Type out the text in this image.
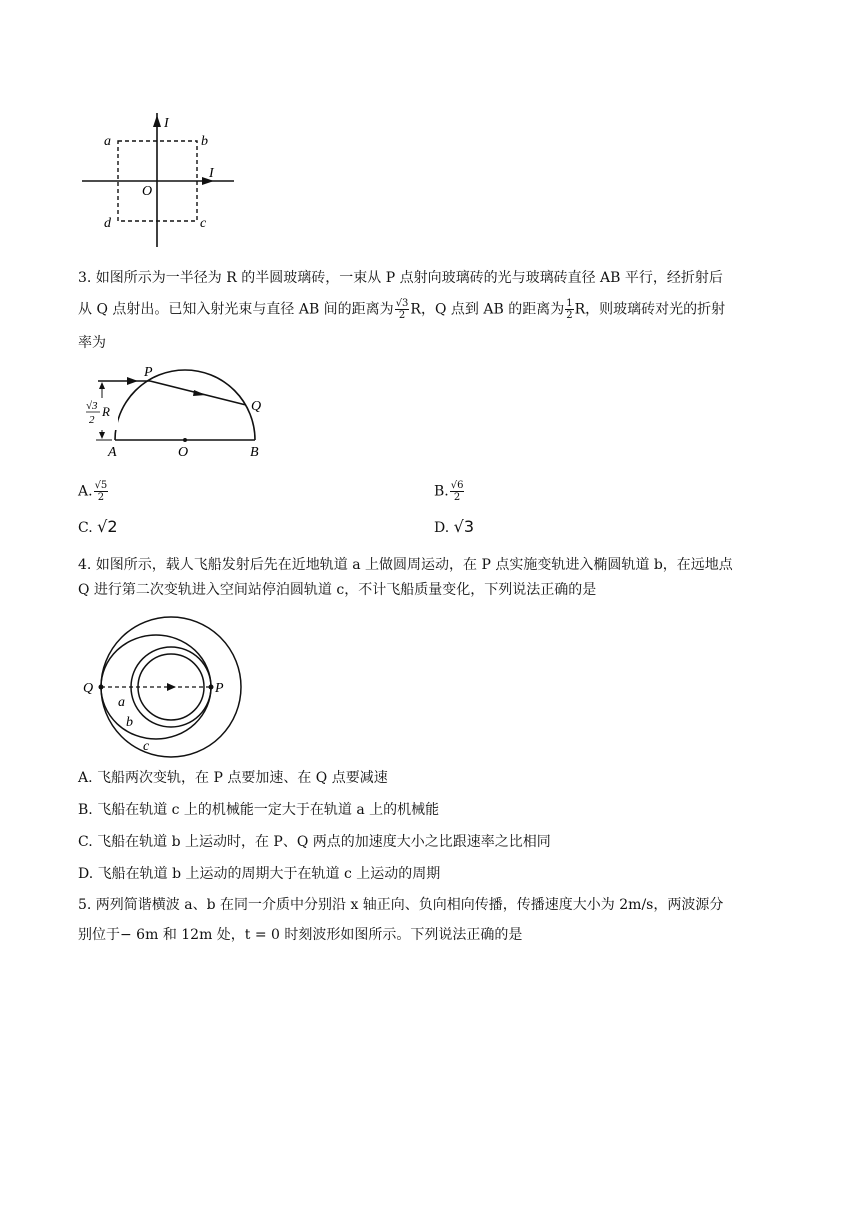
a	b
c
d
O
I
I
3. 如图所示为一半径为 R 的半圆玻璃砖，一束从 P 点射向玻璃砖的光与玻璃砖直径 AB 平行，经折射后
从 Q 点射出。已知入射光束与直径 AB 间的距离为 $\frac{√3}{2}$ R，Q 点到 AB 的距离为 $\frac{1}{2}$ R，则玻璃砖对光的折射
率为
√3
2
R
P
Q
A	O	B
A. $\frac{√5}{2}$	B. $\frac{√6}{2}$
C. √2	D. √3
4. 如图所示，载人飞船发射后先在近地轨道 a 上做圆周运动，在 P 点实施变轨进入椭圆轨道 b，在远地点
Q 进行第二次变轨进入空间站停泊圆轨道 c，不计飞船质量变化，下列说法正确的是
Q	P
a
b
c
A. 飞船两次变轨，在 P 点要加速、在 Q 点要减速
B. 飞船在轨道 c 上的机械能一定大于在轨道 a 上的机械能
C. 飞船在轨道 b 上运动时，在 P、Q 两点的加速度大小之比跟速率之比相同
D. 飞船在轨道 b 上运动的周期大于在轨道 c 上运动的周期
5. 两列简谐横波 a、b 在同一介质中分别沿 x 轴正向、负向相向传播，传播速度大小为 2m/s，两波源分
别位于− 6m 和 12m 处，t = 0 时刻波形如图所示。下列说法正确的是
